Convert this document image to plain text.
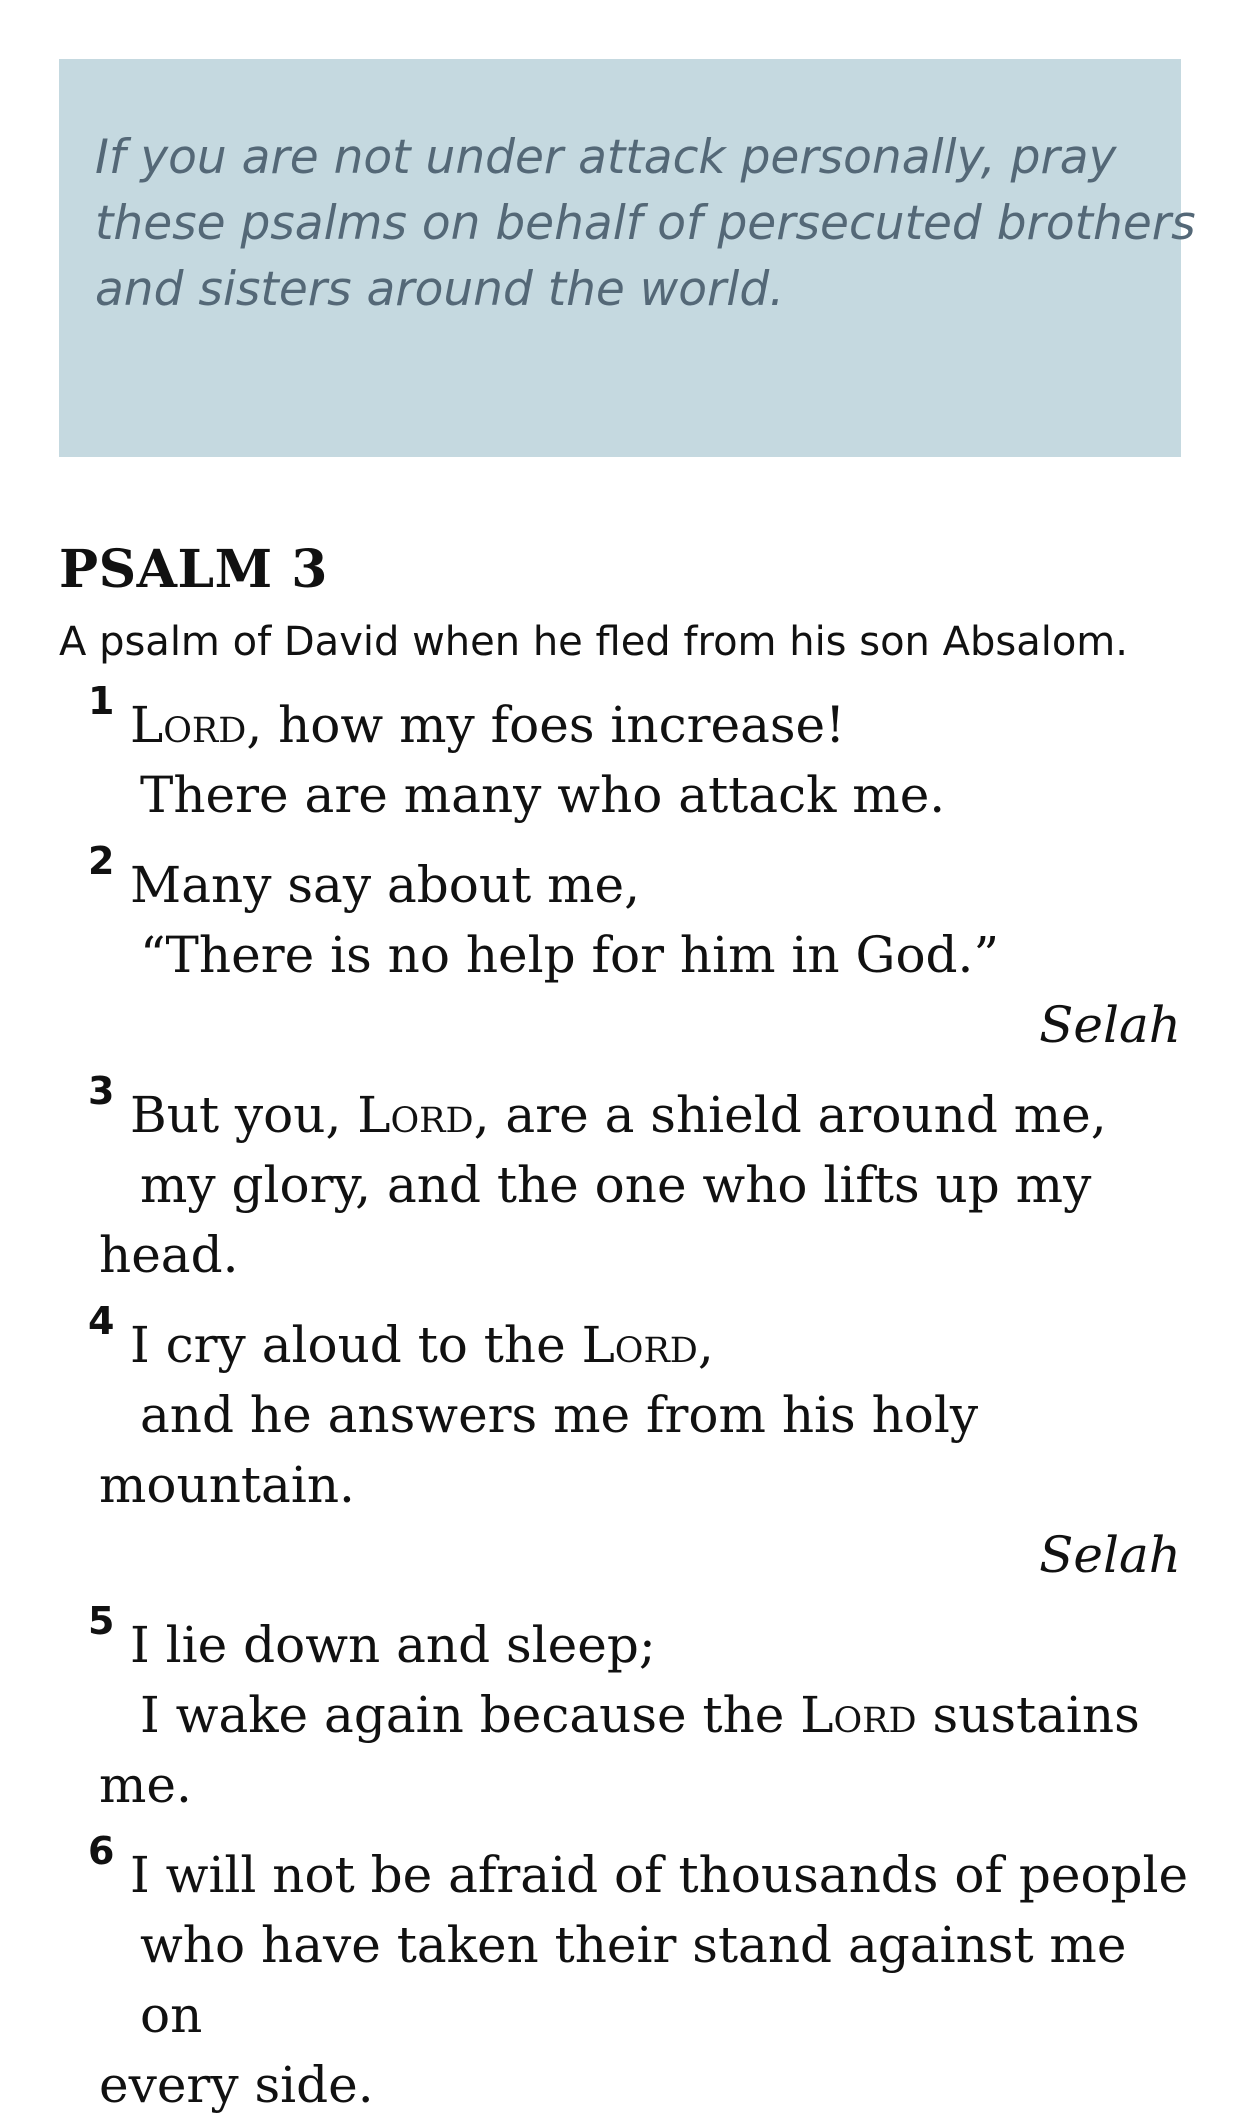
If you are not under attack personally, pray
these psalms on behalf of persecuted brothers
and sisters around the world.

PSALM 3

A psalm of David when he fled from his son Absalom.

1 Lord, how my foes increase!
There are many who attack me.
2 Many say about me,
“There is no help for him in God.”
Selah
3 But you, Lord, are a shield around me,
my glory, and the one who lifts up my
head.
4 I cry aloud to the Lord,
and he answers me from his holy
mountain.
Selah
5 I lie down and sleep;
I wake again because the Lord sustains
me.
6 I will not be afraid of thousands of people
who have taken their stand against me on
every side.
